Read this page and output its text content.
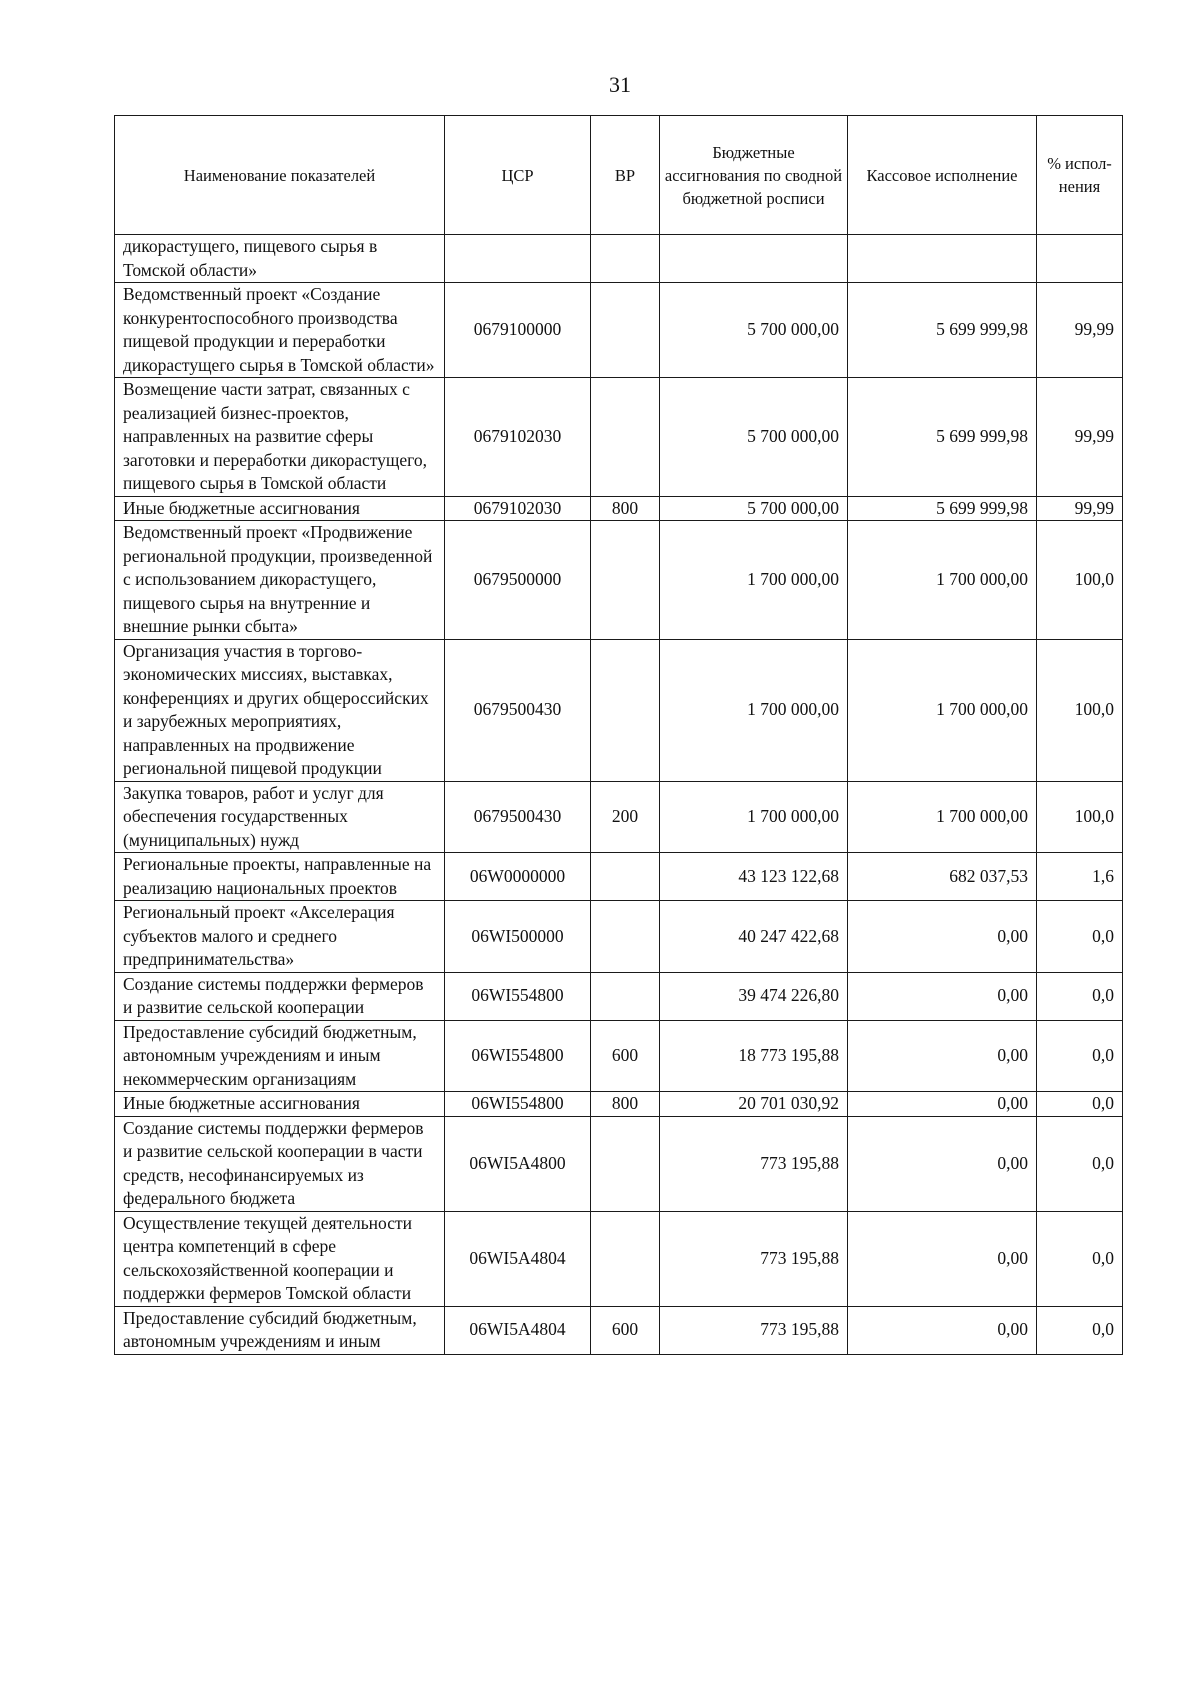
31
Наименование показателей	ЦСР	ВР	Бюджетные ассигнования по сводной бюджетной росписи	Кассовое исполнение	% испол-нения
дикорастущего, пищевого сырья в Томской области»					
Ведомственный проект «Создание конкурентоспособного производства пищевой продукции и переработки дикорастущего сырья в Томской области»	0679100000		5 700 000,00	5 699 999,98	99,99
Возмещение части затрат, связанных с реализацией бизнес-проектов, направленных на развитие сферы заготовки и переработки дикорастущего, пищевого сырья в Томской области	0679102030		5 700 000,00	5 699 999,98	99,99
Иные бюджетные ассигнования	0679102030	800	5 700 000,00	5 699 999,98	99,99
Ведомственный проект «Продвижение региональной продукции, произведенной с использованием дикорастущего, пищевого сырья на внутренние и внешние рынки сбыта»	0679500000		1 700 000,00	1 700 000,00	100,0
Организация участия в торгово-экономических миссиях, выставках, конференциях и других общероссийских и зарубежных мероприятиях, направленных на продвижение региональной пищевой продукции	0679500430		1 700 000,00	1 700 000,00	100,0
Закупка товаров, работ и услуг для обеспечения государственных (муниципальных) нужд	0679500430	200	1 700 000,00	1 700 000,00	100,0
Региональные проекты, направленные на реализацию национальных проектов	06W0000000		43 123 122,68	682 037,53	1,6
Региональный проект «Акселерация субъектов малого и среднего предпринимательства»	06WI500000		40 247 422,68	0,00	0,0
Создание системы поддержки фермеров и развитие сельской кооперации	06WI554800		39 474 226,80	0,00	0,0
Предоставление субсидий бюджетным, автономным учреждениям и иным некоммерческим организациям	06WI554800	600	18 773 195,88	0,00	0,0
Иные бюджетные ассигнования	06WI554800	800	20 701 030,92	0,00	0,0
Создание системы поддержки фермеров и развитие сельской кооперации в части средств, несофинансируемых из федерального бюджета	06WI5A4800		773 195,88	0,00	0,0
Осуществление текущей деятельности центра компетенций в сфере сельскохозяйственной кооперации и поддержки фермеров Томской области	06WI5A4804		773 195,88	0,00	0,0
Предоставление субсидий бюджетным, автономным учреждениям и иным	06WI5A4804	600	773 195,88	0,00	0,0
